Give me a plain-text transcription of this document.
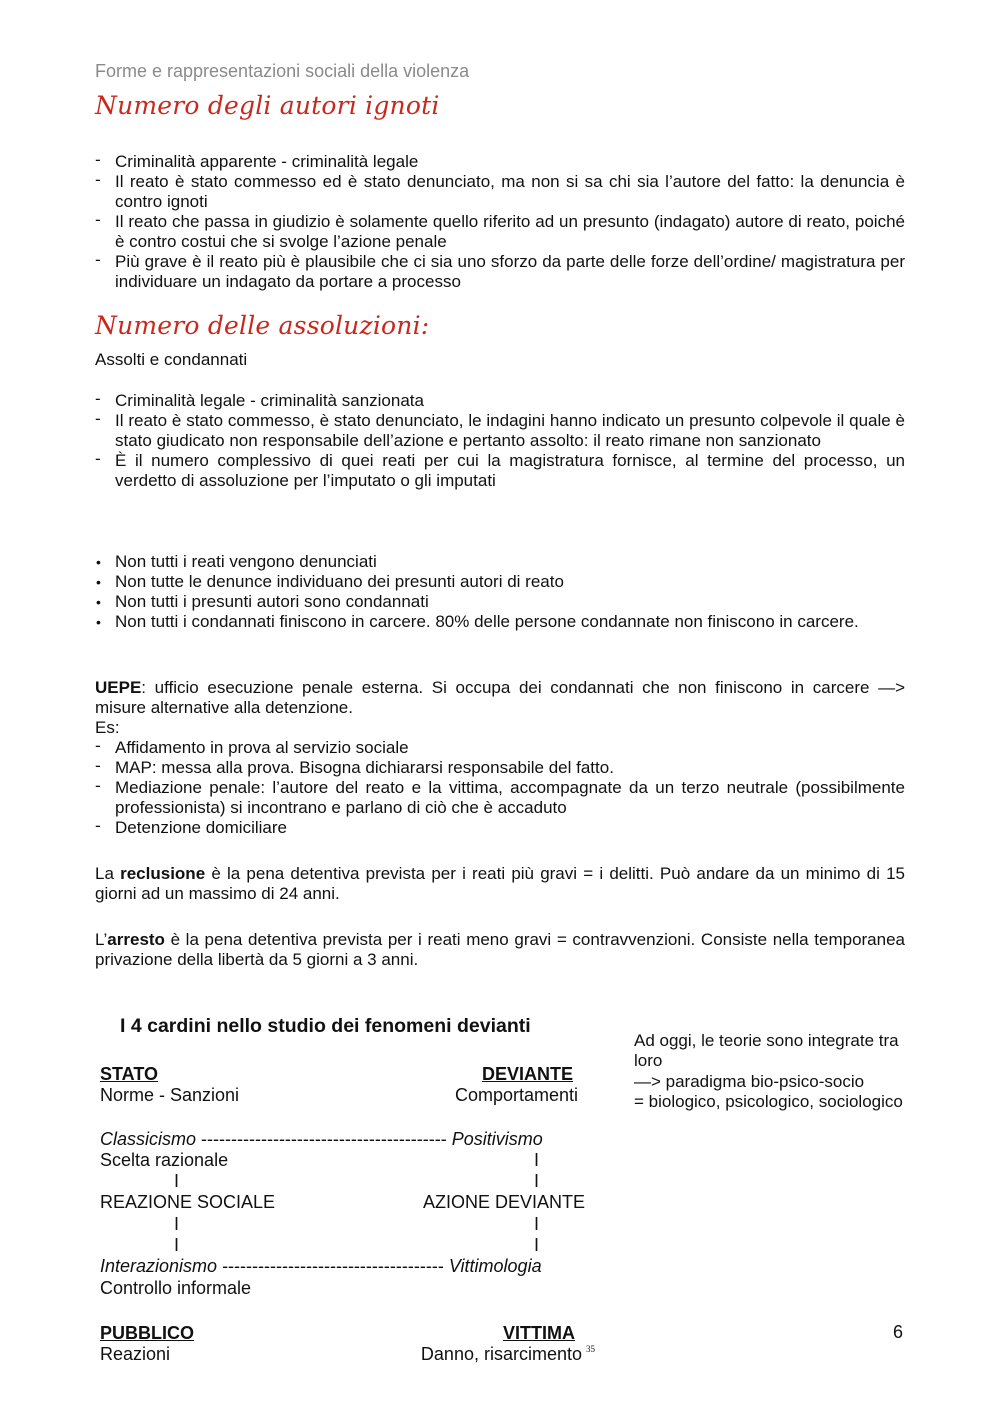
Forme e rappresentazioni sociali della violenza
Numero degli autori ignoti
- Criminalità apparente - criminalità legale
- Il reato è stato commesso ed è stato denunciato, ma non si sa chi sia l’autore del fatto: la denuncia è contro ignoti
- Il reato che passa in giudizio è solamente quello riferito ad un presunto (indagato) autore di reato, poiché è contro costui che si svolge l’azione penale
- Più grave è il reato più è plausibile che ci sia uno sforzo da parte delle forze dell’ordine/ magistratura per individuare un indagato da portare a processo
Numero delle assoluzioni:
Assolti e condannati
- Criminalità legale - criminalità sanzionata
- Il reato è stato commesso, è stato denunciato, le indagini hanno indicato un presunto colpevole il quale è stato giudicato non responsabile dell’azione e pertanto assolto: il reato rimane non sanzionato
- È il numero complessivo di quei reati per cui la magistratura fornisce, al termine del processo, un verdetto di assoluzione per l’imputato o gli imputati
• Non tutti i reati vengono denunciati
• Non tutte le denunce individuano dei presunti autori di reato
• Non tutti i presunti autori sono condannati
• Non tutti i condannati finiscono in carcere. 80% delle persone condannate non finiscono in carcere.

UEPE: ufficio esecuzione penale esterna. Si occupa dei condannati che non finiscono in carcere —> misure alternative alla detenzione.

Es:
- Affidamento in prova al servizio sociale
- MAP: messa alla prova. Bisogna dichiararsi responsabile del fatto.
- Mediazione penale: l’autore del reato e la vittima, accompagnate da un terzo neutrale (possibilmente professionista) si incontrano e parlano di ciò che è accaduto
- Detenzione domiciliare

La reclusione è la pena detentiva prevista per i reati più gravi = i delitti. Può andare da un minimo di 15 giorni ad un massimo di 24 anni.

L’arresto è la pena detentiva prevista per i reati meno gravi = contravvenzioni. Consiste nella temporanea privazione della libertà da 5 giorni a 3 anni.

I 4 cardini nello studio dei fenomeni devianti
STATO	DEVIANTE
Norme - Sanzioni	Comportamenti
Classicismo ----------------------------------------- Positivismo
Scelta razionale	I
I	I
REAZIONE SOCIALE	AZIONE DEVIANTE
I	I
I	I
Interazionismo ------------------------------------- Vittimologia
Controllo informale
PUBBLICO	VITTIMA
Reazioni	Danno, risarcimento $^{35}$
Ad oggi, le teorie sono integrate tra loro
—> paradigma bio-psico-socio
= biologico, psicologico, sociologico
6
